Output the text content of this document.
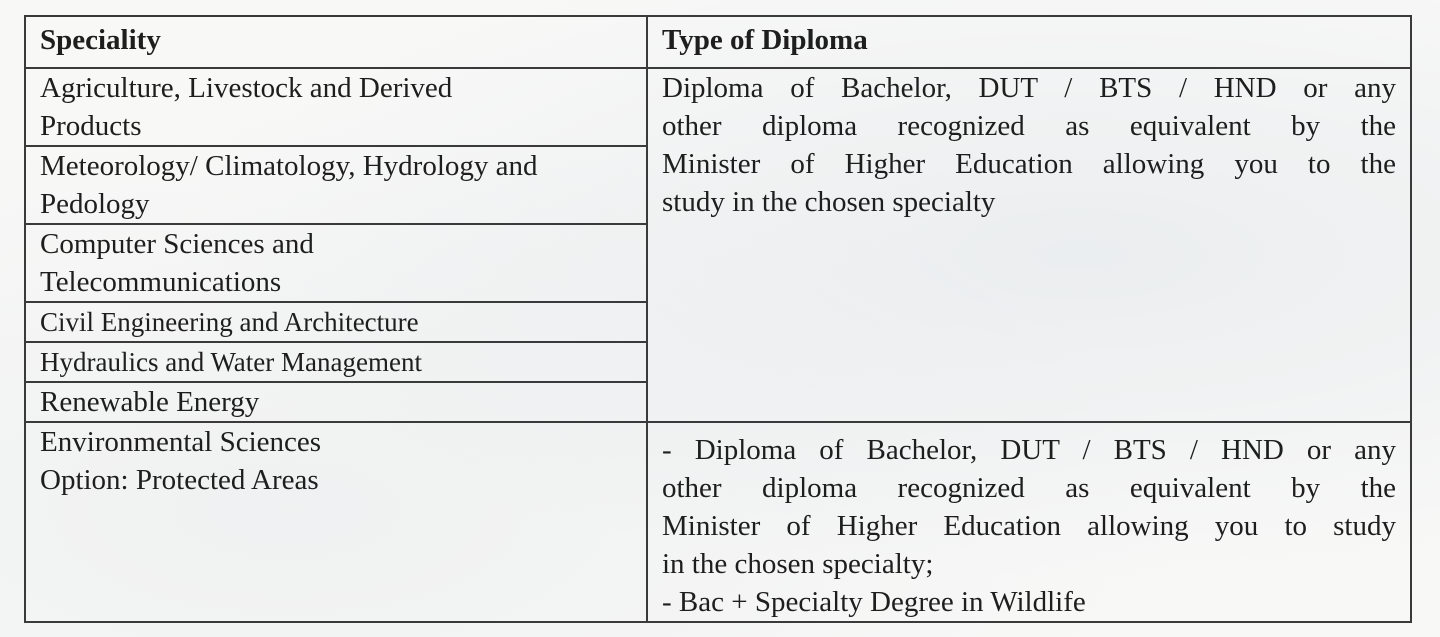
Speciality	Type of Diploma

Agriculture, Livestock and Derived
Products	Diploma of Bachelor, DUT / BTS / HND or any
other diploma recognized as equivalent by the
Minister of Higher Education allowing you to the
study in the chosen specialty

Meteorology/ Climatology, Hydrology and
Pedology	

Computer Sciences and
Telecommunications	

Civil Engineering and Architecture	

Hydraulics and Water Management	

Renewable Energy	

Environmental Sciences
Option: Protected Areas	- Diploma of Bachelor, DUT / BTS / HND or any
other diploma recognized as equivalent by the
Minister of Higher Education allowing you to study
in the chosen specialty;
- Bac + Specialty Degree in Wildlife
